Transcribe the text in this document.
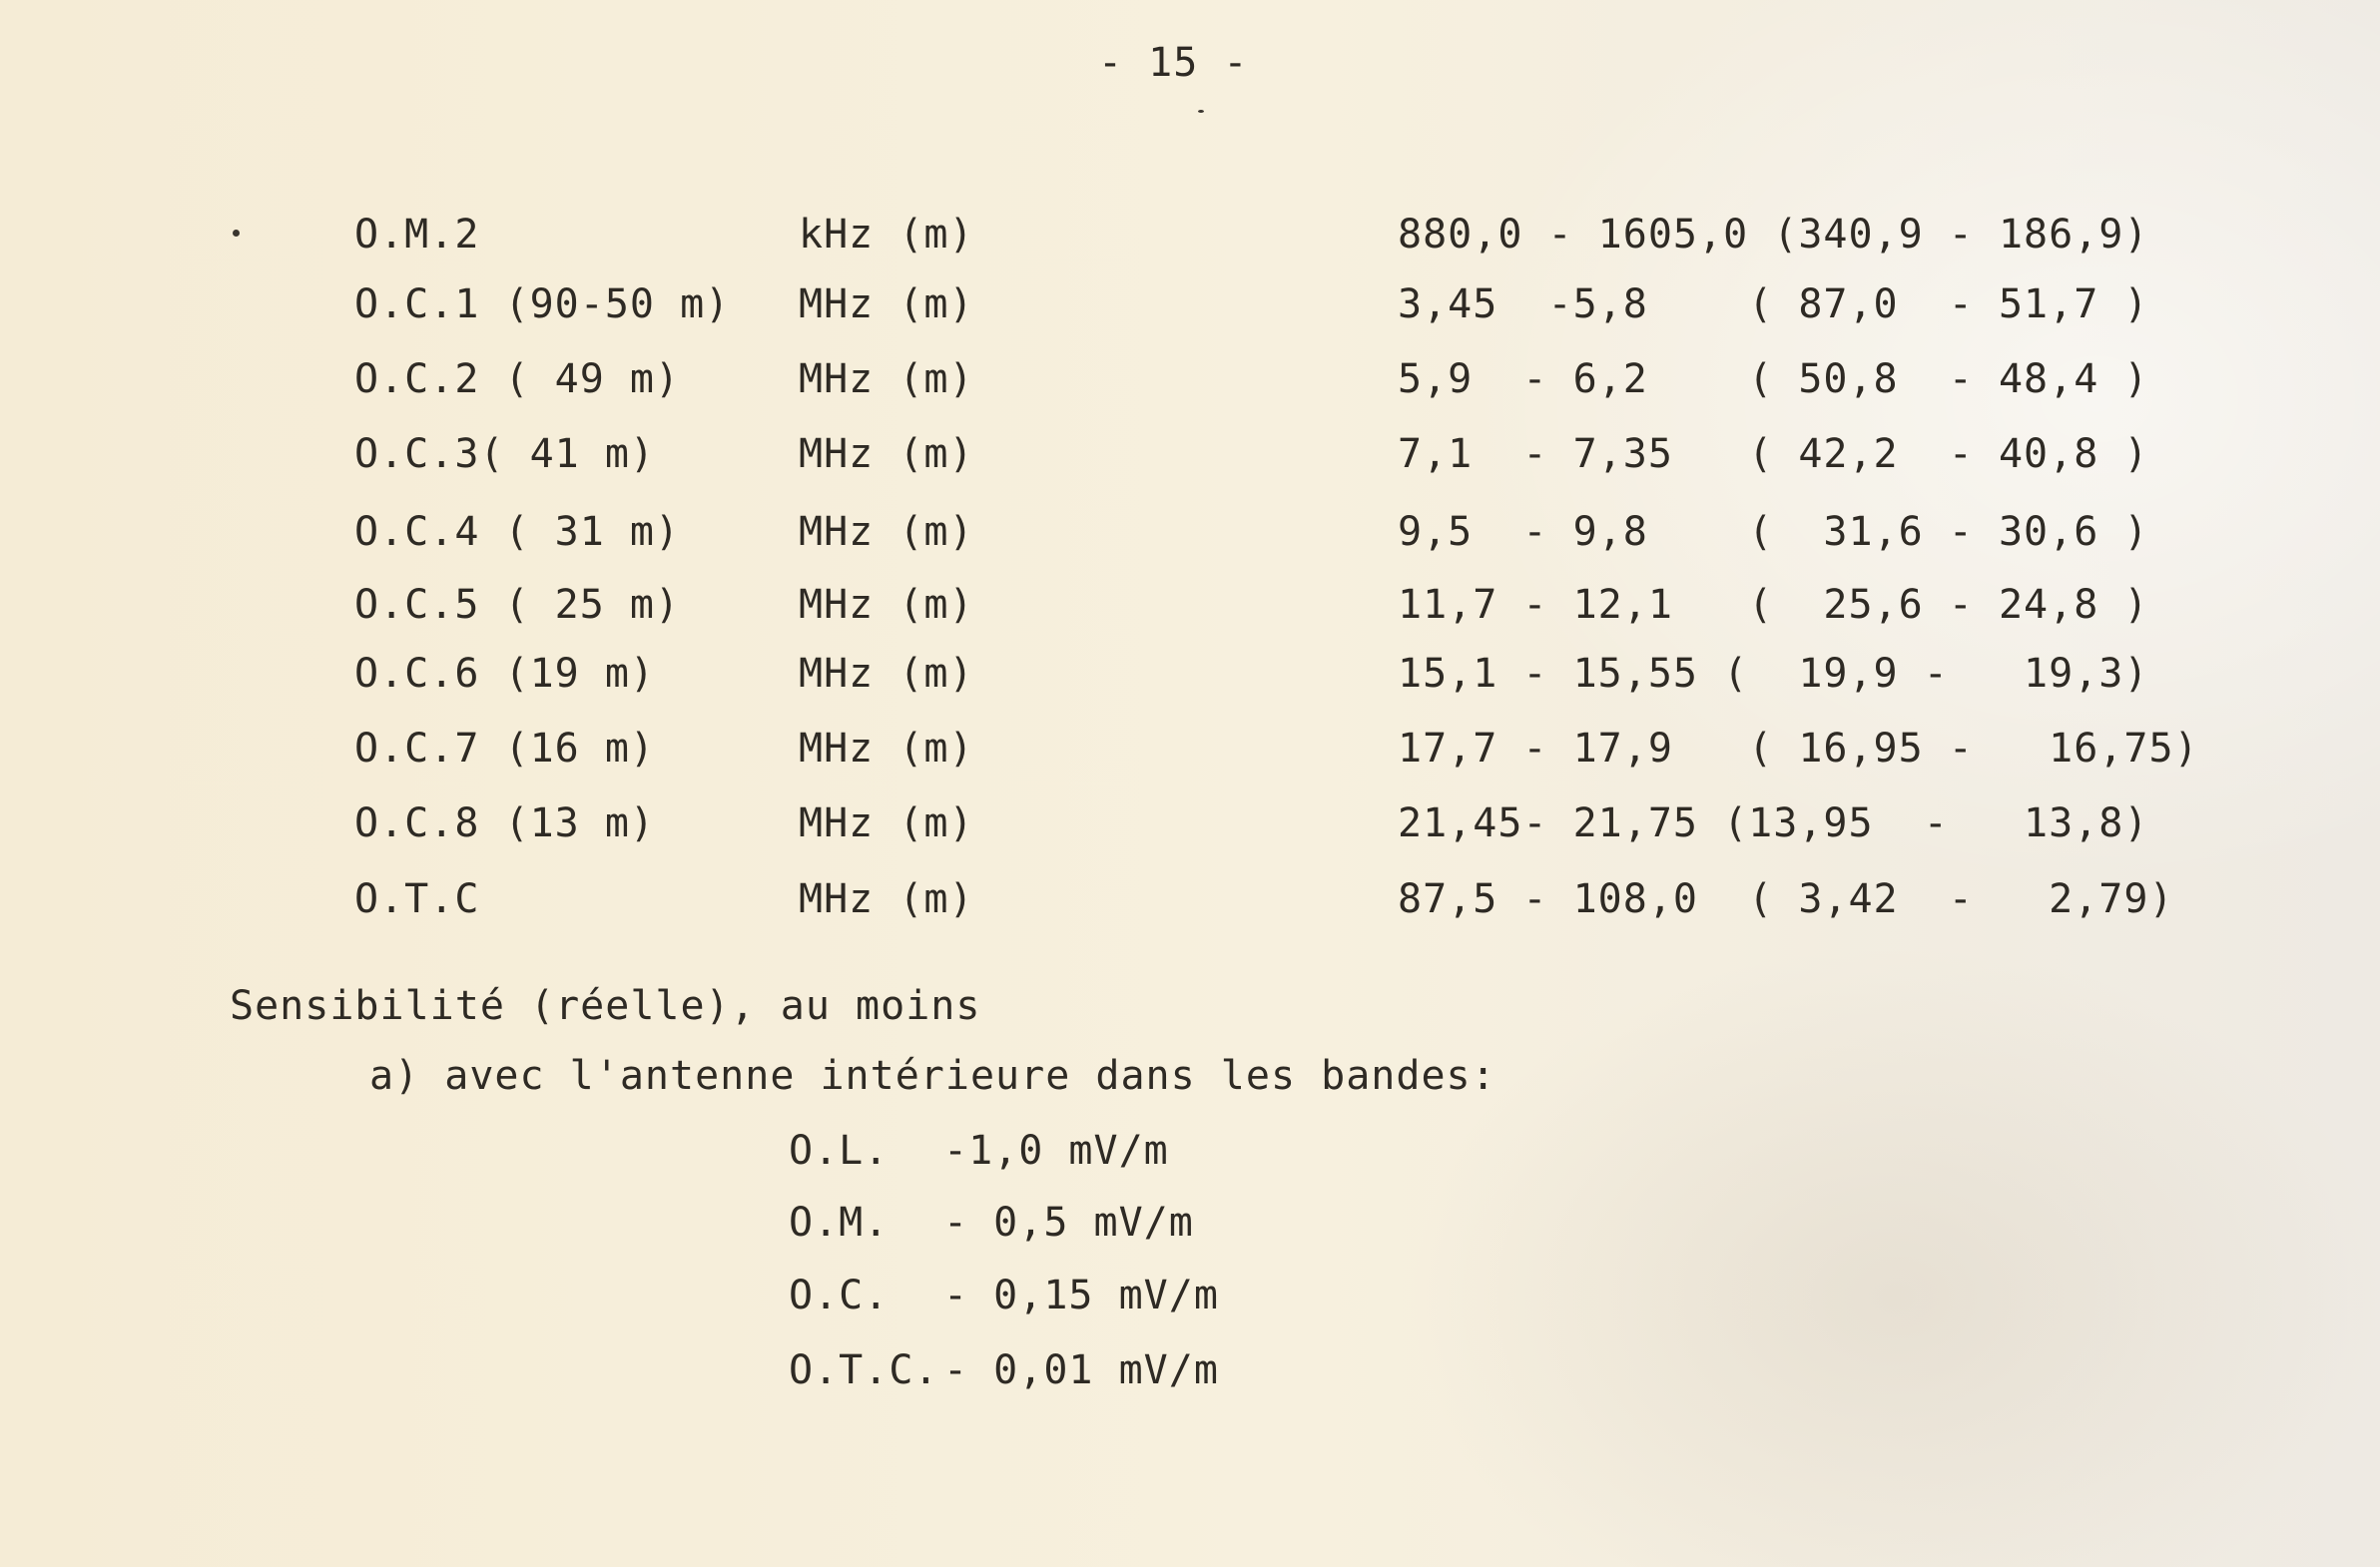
- 15 -
O.M.2	kHz (m)	880,0 - 1605,0 (340,9 - 186,9)
O.C.1 (90-50 m) MHz (m)	3,45  -5,8    ( 87,0  - 51,7 )
O.C.2 ( 49 m)	MHz (m)	5,9  - 6,2    ( 50,8  - 48,4 )
O.C.3( 41 m)	MHz (m)	7,1  - 7,35   ( 42,2  - 40,8 )
O.C.4 ( 31 m)	MHz (m)	9,5  - 9,8    (  31,6 - 30,6 )
O.C.5 ( 25 m)	MHz (m)	11,7 - 12,1   (  25,6 - 24,8 )
O.C.6 (19 m)	MHz (m)	15,1 - 15,55 (  19,9 -   19,3)
O.C.7 (16 m)	MHz (m)	17,7 - 17,9   ( 16,95 -   16,75)
O.C.8 (13 m)	MHz (m)	21,45- 21,75 (13,95  -   13,8)
O.T.C	MHz (m)	87,5 - 108,0  ( 3,42  -   2,79)
Sensibilité (réelle), au moins
a) avec l'antenne intérieure dans les bandes:
O.L. -1,0 mV/m
O.M. - 0,5 mV/m
O.C. - 0,15 mV/m
O.T.C. - 0,01 mV/m
